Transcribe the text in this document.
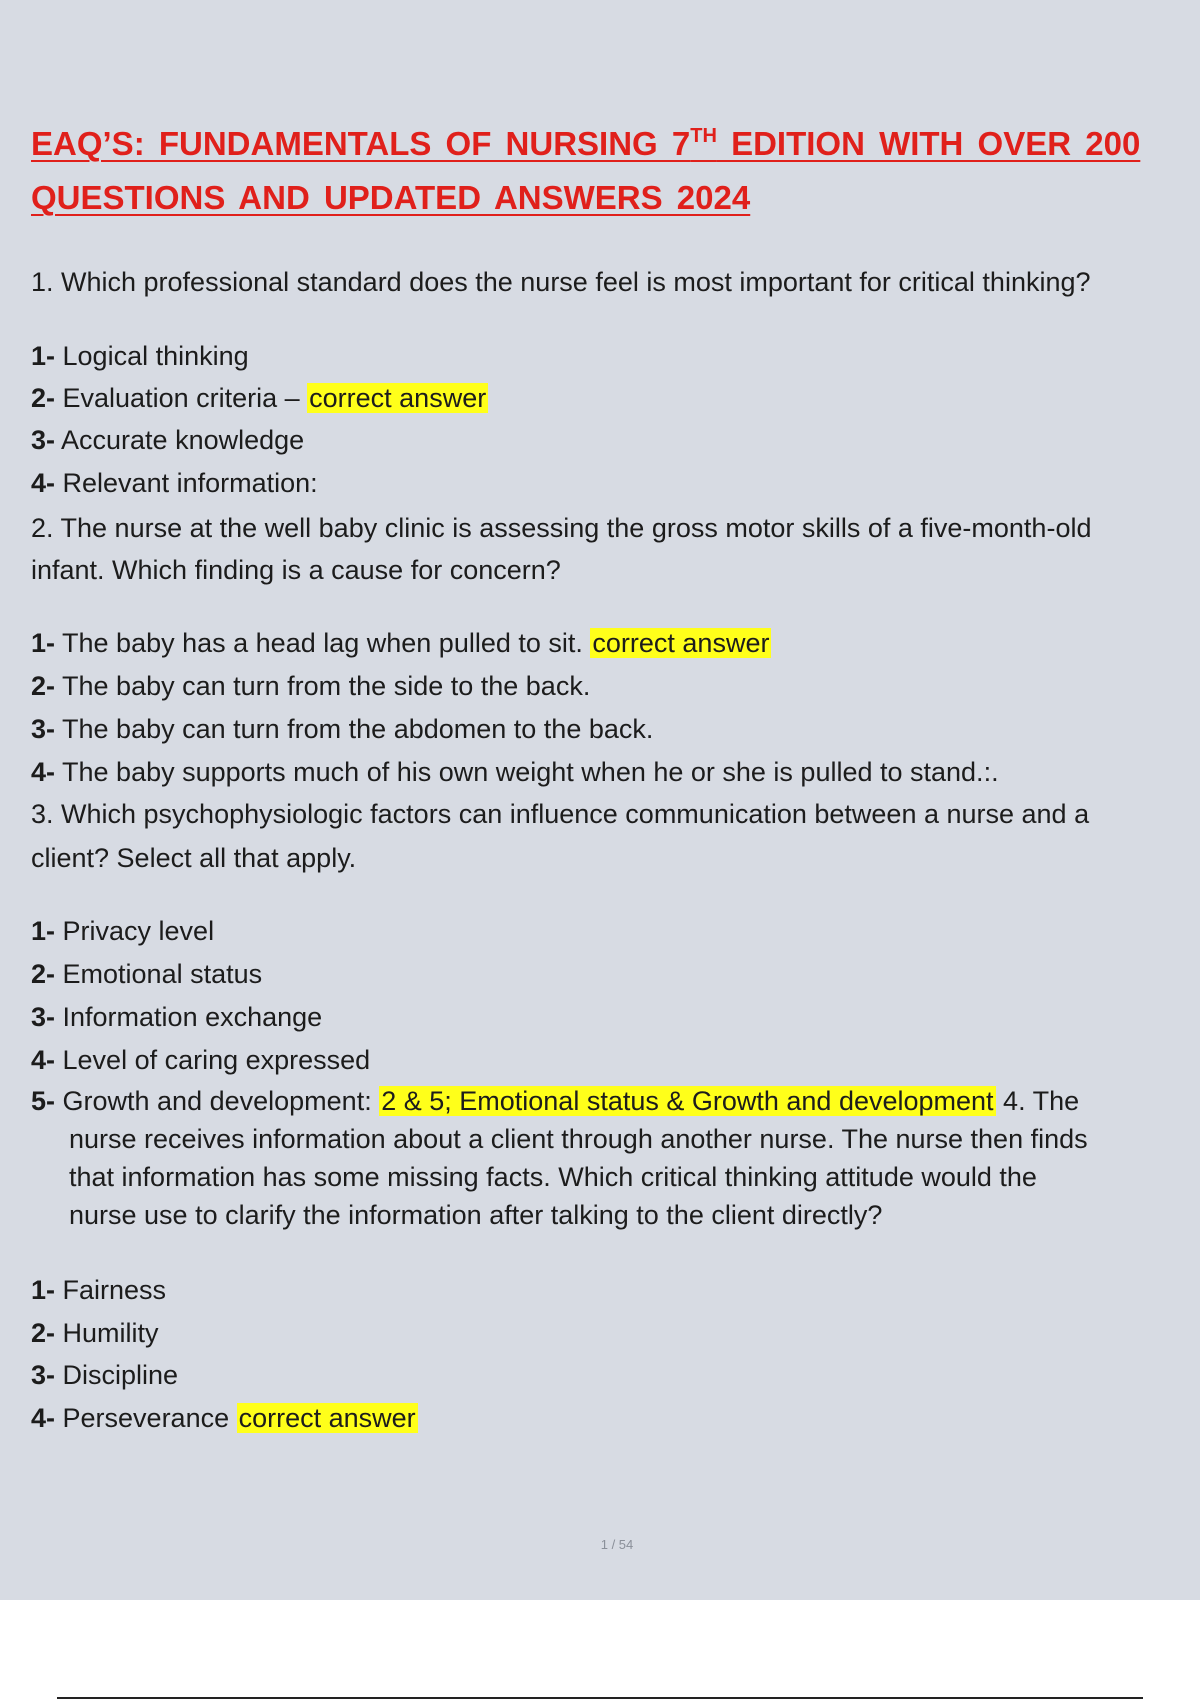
EAQ’S: FUNDAMENTALS OF NURSING 7TH EDITION WITH OVER 200
QUESTIONS AND UPDATED ANSWERS 2024
1. Which professional standard does the nurse feel is most important for critical thinking?
1- Logical thinking
2- Evaluation criteria – correct answer
3- Accurate knowledge
4- Relevant information:
2. The nurse at the well baby clinic is assessing the gross motor skills of a five-month-old
infant. Which finding is a cause for concern?
1- The baby has a head lag when pulled to sit. correct answer
2- The baby can turn from the side to the back.
3- The baby can turn from the abdomen to the back.
4- The baby supports much of his own weight when he or she is pulled to stand.:.
3. Which psychophysiologic factors can influence communication between a nurse and a
client? Select all that apply.
1- Privacy level
2- Emotional status
3- Information exchange
4- Level of caring expressed
5- Growth and development: 2 & 5; Emotional status & Growth and development 4. The
nurse receives information about a client through another nurse. The nurse then finds
that information has some missing facts. Which critical thinking attitude would the
nurse use to clarify the information after talking to the client directly?
1- Fairness
2- Humility
3- Discipline
4- Perseverance correct answer
1 / 54
